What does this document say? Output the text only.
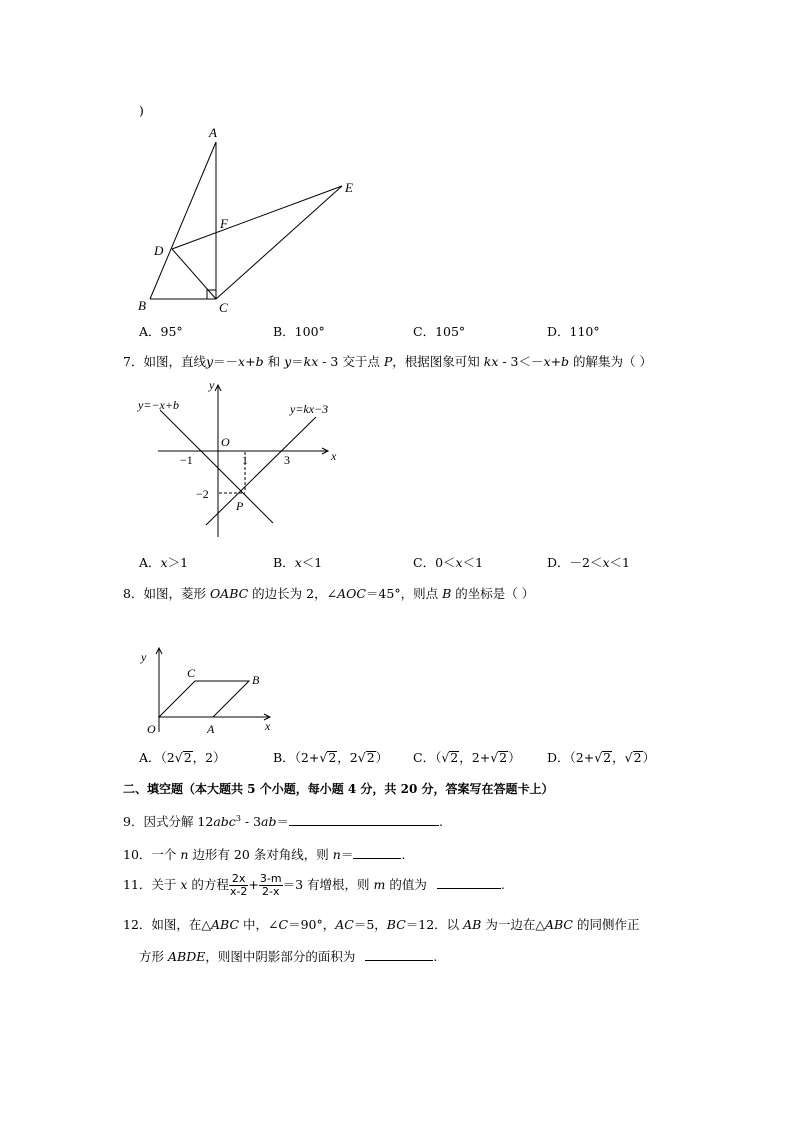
)
A
E
F
D
B	C
A．95°	B．100°	C．105°	D．110°
7．如图，直线y＝－x+b 和 y＝kx - 3 交于点 P，根据图象可知 kx - 3＜－x+b 的解集为（ ）
y=−x+b	y=kx−3
y
x
O
−1	1	3
−2
P
A．x＞1	B．x＜1	C．0＜x＜1	D．－2＜x＜1
8．如图，菱形 OABC 的边长为 2，∠AOC＝45°，则点 B 的坐标是（ ）
y
x
O	A
B
C
A．（2√2，2）	B．（2+√2，2√2） C．（√2，2+√2） D．（2+√2，√2）
二、填空题（本大题共 5 个小题，每小题 4 分，共 20 分，答案写在答题卡上）
9．因式分解 12abc$^3$ - 3ab＝	.
10．一个 n 边形有 20 条对角线，则 n＝	.
11．关于 x 的方程 $\frac{2x}{x-2} + \frac{3-m}{2-x} =3$ 有增根，则 m 的值为	.
12．如图，在△ABC 中，∠C＝90°，AC＝5，BC＝12．以 AB 为一边在△ABC 的同侧作正
方形 ABDE，则图中阴影部分的面积为	.
